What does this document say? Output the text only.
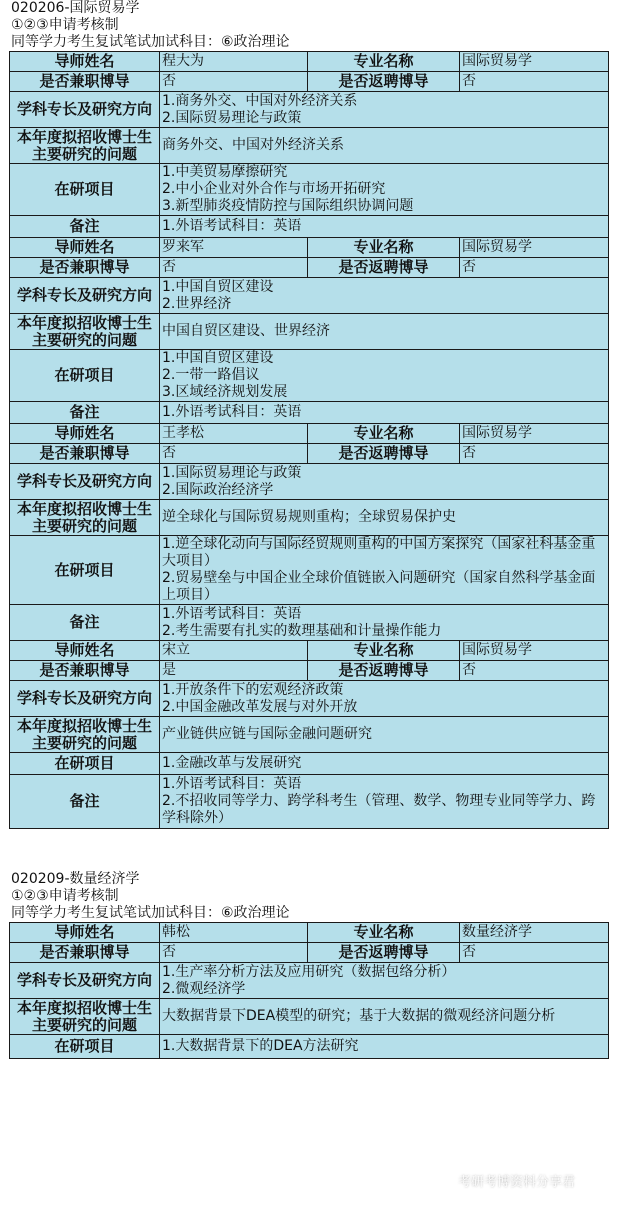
020206-国际贸易学
①②③申请考核制
同等学力考生复试笔试加试科目：⑥政治理论
导师姓名	程大为	专业名称	国际贸易学
是否兼职博导	否	是否返聘博导	否
学科专长及研究方向	1.商务外交、中国对外经济关系
2.国际贸易理论与政策		

本年度拟招收博士生主要研究的问题	商务外交、中国对外经济关系		

在研项目	1.中美贸易摩擦研究
2.中小企业对外合作与市场开拓研究
3.新型肺炎疫情防控与国际组织协调问题		

备注	1.外语考试科目：英语		

导师姓名	罗来军	专业名称	国际贸易学
是否兼职博导	否	是否返聘博导	否
学科专长及研究方向	1.中国自贸区建设
2.世界经济		

本年度拟招收博士生主要研究的问题	中国自贸区建设、世界经济		

在研项目	1.中国自贸区建设
2.一带一路倡议
3.区域经济规划发展		

备注	1.外语考试科目：英语		

导师姓名	王孝松	专业名称	国际贸易学
是否兼职博导	否	是否返聘博导	否
学科专长及研究方向	1.国际贸易理论与政策
2.国际政治经济学		

本年度拟招收博士生主要研究的问题	逆全球化与国际贸易规则重构；全球贸易保护史		

在研项目	1.逆全球化动向与国际经贸规则重构的中国方案探究（国家社科基金重大项目）
2.贸易壁垒与中国企业全球价值链嵌入问题研究（国家自然科学基金面上项目）		

备注	1.外语考试科目：英语
2.考生需要有扎实的数理基础和计量操作能力		

导师姓名	宋立	专业名称	国际贸易学
是否兼职博导	是	是否返聘博导	否
学科专长及研究方向	1.开放条件下的宏观经济政策
2.中国金融改革发展与对外开放		

本年度拟招收博士生主要研究的问题	产业链供应链与国际金融问题研究		

在研项目	1.金融改革与发展研究		

备注	1.外语考试科目：英语
2.不招收同等学力、跨学科考生（管理、数学、物理专业同等学力、跨学科除外）		
020209-数量经济学
①②③申请考核制
同等学力考生复试笔试加试科目：⑥政治理论
导师姓名	韩松	专业名称	数量经济学
是否兼职博导	否	是否返聘博导	否
学科专长及研究方向	1.生产率分析方法及应用研究（数据包络分析）
2.微观经济学		

本年度拟招收博士生主要研究的问题	大数据背景下DEA模型的研究；基于大数据的微观经济问题分析		

在研项目	1.大数据背景下的DEA方法研究		
考研考博资料分享君
